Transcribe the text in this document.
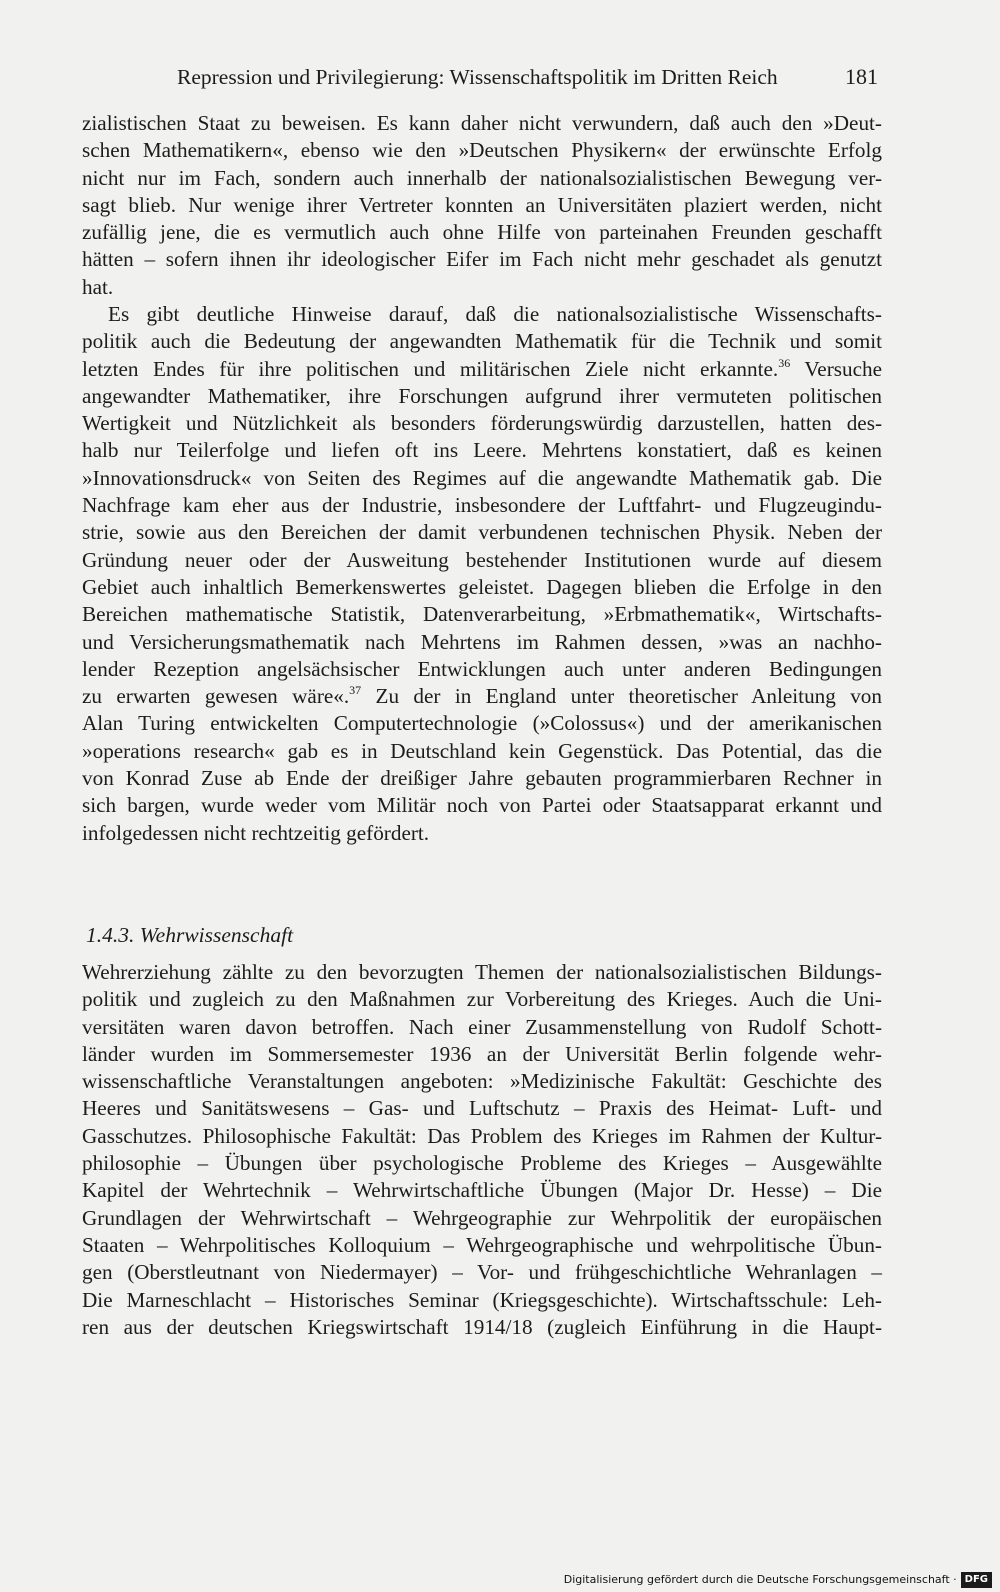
Repression und Privilegierung: Wissenschaftspolitik im Dritten Reich	181
zialistischen Staat zu beweisen. Es kann daher nicht verwundern, daß auch den »Deut-
schen Mathematikern«, ebenso wie den »Deutschen Physikern« der erwünschte Erfolg
nicht nur im Fach, sondern auch innerhalb der nationalsozialistischen Bewegung ver-
sagt blieb. Nur wenige ihrer Vertreter konnten an Universitäten plaziert werden, nicht
zufällig jene, die es vermutlich auch ohne Hilfe von parteinahen Freunden geschafft
hätten – sofern ihnen ihr ideologischer Eifer im Fach nicht mehr geschadet als genutzt
hat.
Es gibt deutliche Hinweise darauf, daß die nationalsozialistische Wissenschafts-
politik auch die Bedeutung der angewandten Mathematik für die Technik und somit
letzten Endes für ihre politischen und militärischen Ziele nicht erkannte.$^{36}$ Versuche
angewandter Mathematiker, ihre Forschungen aufgrund ihrer vermuteten politischen
Wertigkeit und Nützlichkeit als besonders förderungswürdig darzustellen, hatten des-
halb nur Teilerfolge und liefen oft ins Leere. Mehrtens konstatiert, daß es keinen
»Innovationsdruck« von Seiten des Regimes auf die angewandte Mathematik gab. Die
Nachfrage kam eher aus der Industrie, insbesondere der Luftfahrt- und Flugzeugindu-
strie, sowie aus den Bereichen der damit verbundenen technischen Physik. Neben der
Gründung neuer oder der Ausweitung bestehender Institutionen wurde auf diesem
Gebiet auch inhaltlich Bemerkenswertes geleistet. Dagegen blieben die Erfolge in den
Bereichen mathematische Statistik, Datenverarbeitung, »Erbmathematik«, Wirtschafts-
und Versicherungsmathematik nach Mehrtens im Rahmen dessen, »was an nachho-
lender Rezeption angelsächsischer Entwicklungen auch unter anderen Bedingungen
zu erwarten gewesen wäre«.$^{37}$ Zu der in England unter theoretischer Anleitung von
Alan Turing entwickelten Computertechnologie (»Colossus«) und der amerikanischen
»operations research« gab es in Deutschland kein Gegenstück. Das Potential, das die
von Konrad Zuse ab Ende der dreißiger Jahre gebauten programmierbaren Rechner in
sich bargen, wurde weder vom Militär noch von Partei oder Staatsapparat erkannt und
infolgedessen nicht rechtzeitig gefördert.
1.4.3. Wehrwissenschaft
Wehrerziehung zählte zu den bevorzugten Themen der nationalsozialistischen Bildungs-
politik und zugleich zu den Maßnahmen zur Vorbereitung des Krieges. Auch die Uni-
versitäten waren davon betroffen. Nach einer Zusammenstellung von Rudolf Schott-
länder wurden im Sommersemester 1936 an der Universität Berlin folgende wehr-
wissenschaftliche Veranstaltungen angeboten: »Medizinische Fakultät: Geschichte des
Heeres und Sanitätswesens – Gas- und Luftschutz – Praxis des Heimat- Luft- und
Gasschutzes. Philosophische Fakultät: Das Problem des Krieges im Rahmen der Kultur-
philosophie – Übungen über psychologische Probleme des Krieges – Ausgewählte
Kapitel der Wehrtechnik – Wehrwirtschaftliche Übungen (Major Dr. Hesse) – Die
Grundlagen der Wehrwirtschaft – Wehrgeographie zur Wehrpolitik der europäischen
Staaten – Wehrpolitisches Kolloquium – Wehrgeographische und wehrpolitische Übun-
gen (Oberstleutnant von Niedermayer) – Vor- und frühgeschichtliche Wehranlagen –
Die Marneschlacht – Historisches Seminar (Kriegsgeschichte). Wirtschaftsschule: Leh-
ren aus der deutschen Kriegswirtschaft 1914/18 (zugleich Einführung in die Haupt-
Digitalisierung gefördert durch die Deutsche Forschungsgemeinschaft · DFG
